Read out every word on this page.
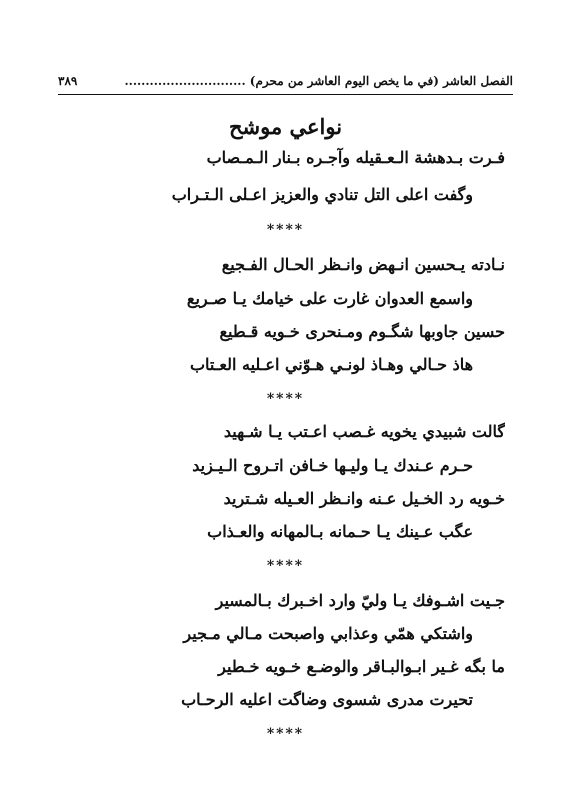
الفصل العاشر (في ما يخص اليوم العاشر من محرم) .............................
٣٨٩
نواعي موشح
فـرت بـدهشة الـعـقيله وآجـره بـنار الـمـصاب
وگفت اعلى التل تنادي والعزيز اعـلى الـتـراب
****
نـادته يـحسين انـهض وانـظر الحـال الفـجيع
واسمع العدوان غارت على خيامك يـا صـريع
حسين جاوبها شگـوم ومـنحری خـویه قـطیع
هاذ حـالي وهـاذ لونـي هـوّني اعـليه العـتاب
****
گالت شبيدي يخويه غـصب اعـتب يـا شـهيد
حـرم عـندك يـا وليـها خـافن اتـروح الـيـزيد
خـويه رد الخـيل عـنه وانـظر العـيله شـتريد
عگب عـينك يـا حـمانه بـالمهانه والعـذاب
****
جـيت اشـوفك يـا وليّ وارد اخـبرك بـالمسير
واشتكي همّي وعذابي واصبحت مـالي مـجير
ما بگه غـير ابـوالبـاقر والوضـع خـويه خـطير
تحيرت مدرى شسوى وضاگت اعليه الرحـاب
****
